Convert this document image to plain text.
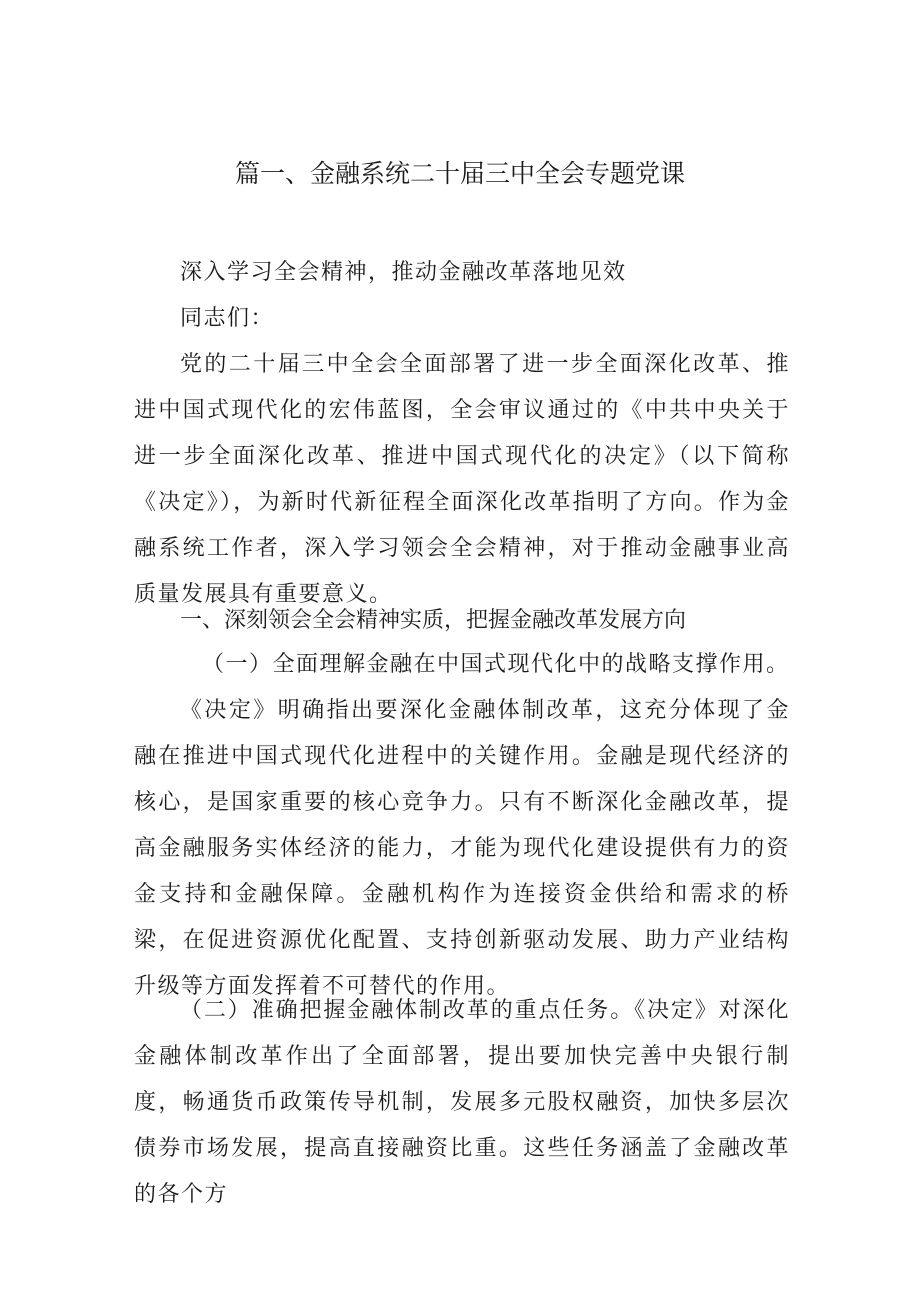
篇一、金融系统二十届三中全会专题党课

深入学习全会精神，推动金融改革落地见效

同志们：

党的二十届三中全会全面部署了进一步全面深化改革、推进中国式现代化的宏伟蓝图，全会审议通过的《中共中央关于进一步全面深化改革、推进中国式现代化的决定》（以下简称《决定》），为新时代新征程全面深化改革指明了方向。作为金融系统工作者，深入学习领会全会精神，对于推动金融事业高质量发展具有重要意义。

一、深刻领会全会精神实质，把握金融改革发展方向

（一）全面理解金融在中国式现代化中的战略支撑作用。

《决定》明确指出要深化金融体制改革，这充分体现了金融在推进中国式现代化进程中的关键作用。金融是现代经济的核心，是国家重要的核心竞争力。只有不断深化金融改革，提高金融服务实体经济的能力，才能为现代化建设提供有力的资金支持和金融保障。金融机构作为连接资金供给和需求的桥梁，在促进资源优化配置、支持创新驱动发展、助力产业结构升级等方面发挥着不可替代的作用。

（二）准确把握金融体制改革的重点任务。《决定》对深化金融体制改革作出了全面部署，提出要加快完善中央银行制度，畅通货币政策传导机制，发展多元股权融资，加快多层次债券市场发展，提高直接融资比重。这些任务涵盖了金融改革的各个方
